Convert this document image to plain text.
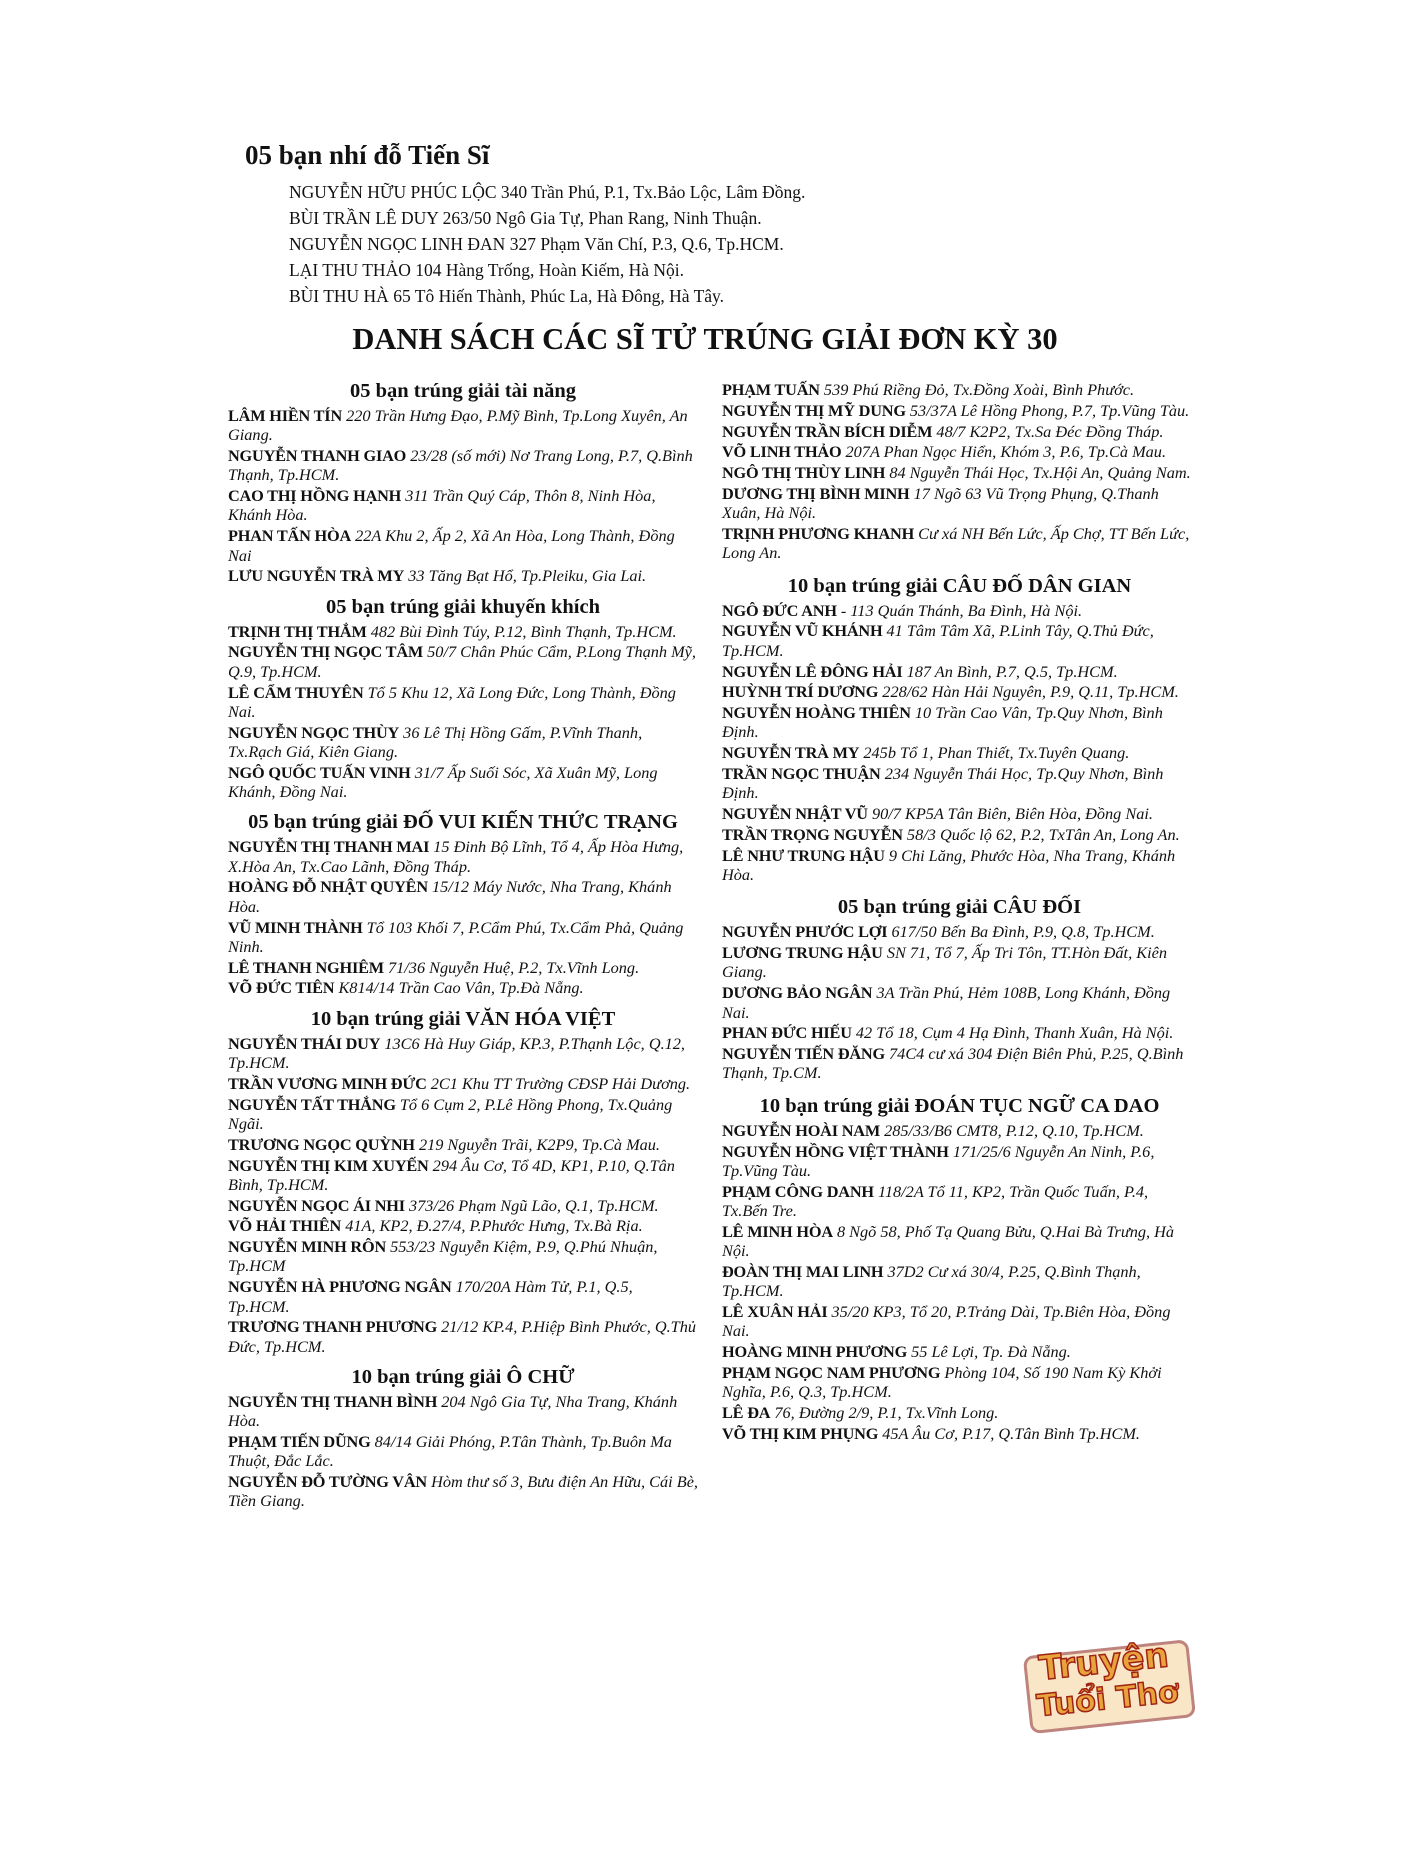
05 bạn nhí đỗ Tiến Sĩ
NGUYỄN HỮU PHÚC LỘC 340 Trần Phú, P.1, Tx.Bảo Lộc, Lâm Đồng.
BÙI TRẦN LÊ DUY 263/50 Ngô Gia Tự, Phan Rang, Ninh Thuận.
NGUYỄN NGỌC LINH ĐAN 327 Phạm Văn Chí, P.3, Q.6, Tp.HCM.
LẠI THU THẢO 104 Hàng Trống, Hoàn Kiếm, Hà Nội.
BÙI THU HÀ 65 Tô Hiến Thành, Phúc La, Hà Đông, Hà Tây.
DANH SÁCH CÁC SĨ TỬ TRÚNG GIẢI ĐƠN KỲ 30
05 bạn trúng giải tài năng
LÂM HIỀN TÍN 220 Trần Hưng Đạo, P.Mỹ Bình, Tp.Long Xuyên, An Giang.
NGUYỄN THANH GIAO 23/28 (số mới) Nơ Trang Long, P.7, Q.Bình Thạnh, Tp.HCM.
CAO THỊ HỒNG HẠNH 311 Trần Quý Cáp, Thôn 8, Ninh Hòa, Khánh Hòa.
PHAN TẤN HÒA 22A Khu 2, Ấp 2, Xã An Hòa, Long Thành, Đồng Nai
LƯU NGUYỄN TRÀ MY 33 Tăng Bạt Hổ, Tp.Pleiku, Gia Lai.
05 bạn trúng giải khuyến khích
TRỊNH THỊ THẮM 482 Bùi Đình Túy, P.12, Bình Thạnh, Tp.HCM.
NGUYỄN THỊ NGỌC TÂM 50/7 Chân Phúc Cẩm, P.Long Thạnh Mỹ, Q.9, Tp.HCM.
LÊ CẨM THUYÊN Tổ 5 Khu 12, Xã Long Đức, Long Thành, Đồng Nai.
NGUYỄN NGỌC THÙY 36 Lê Thị Hồng Gấm, P.Vĩnh Thanh, Tx.Rạch Giá, Kiên Giang.
NGÔ QUỐC TUẤN VINH 31/7 Ấp Suối Sóc, Xã Xuân Mỹ, Long Khánh, Đồng Nai.
05 bạn trúng giải ĐỐ VUI KIẾN THỨC TRẠNG
NGUYỄN THỊ THANH MAI 15 Đinh Bộ Lĩnh, Tổ 4, Ấp Hòa Hưng, X.Hòa An, Tx.Cao Lãnh, Đồng Tháp.
HOÀNG ĐỖ NHẬT QUYÊN 15/12 Máy Nước, Nha Trang, Khánh Hòa.
VŨ MINH THÀNH Tổ 103 Khối 7, P.Cẩm Phú, Tx.Cẩm Phả, Quảng Ninh.
LÊ THANH NGHIÊM 71/36 Nguyễn Huệ, P.2, Tx.Vĩnh Long.
VÕ ĐỨC TIÊN K814/14 Trần Cao Vân, Tp.Đà Nẵng.
10 bạn trúng giải VĂN HÓA VIỆT
NGUYỄN THÁI DUY 13C6 Hà Huy Giáp, KP.3, P.Thạnh Lộc, Q.12, Tp.HCM.
TRẦN VƯƠNG MINH ĐỨC 2C1 Khu TT Trường CĐSP Hải Dương.
NGUYỄN TẤT THẮNG Tổ 6 Cụm 2, P.Lê Hồng Phong, Tx.Quảng Ngãi.
TRƯƠNG NGỌC QUỲNH 219 Nguyễn Trãi, K2P9, Tp.Cà Mau.
NGUYỄN THỊ KIM XUYẾN 294 Âu Cơ, Tổ 4D, KP1, P.10, Q.Tân Bình, Tp.HCM.
NGUYỄN NGỌC ÁI NHI 373/26 Phạm Ngũ Lão, Q.1, Tp.HCM.
VÕ HẢI THIÊN 41A, KP2, Đ.27/4, P.Phước Hưng, Tx.Bà Rịa.
NGUYỄN MINH RÔN 553/23 Nguyễn Kiệm, P.9, Q.Phú Nhuận, Tp.HCM
NGUYỄN HÀ PHƯƠNG NGÂN 170/20A Hàm Tử, P.1, Q.5, Tp.HCM.
TRƯƠNG THANH PHƯƠNG 21/12 KP.4, P.Hiệp Bình Phước, Q.Thủ Đức, Tp.HCM.
10 bạn trúng giải Ô CHỮ
NGUYỄN THỊ THANH BÌNH 204 Ngô Gia Tự, Nha Trang, Khánh Hòa.
PHẠM TIẾN DŨNG 84/14 Giải Phóng, P.Tân Thành, Tp.Buôn Ma Thuột, Đắc Lắc.
NGUYỄN ĐỖ TƯỜNG VÂN Hòm thư số 3, Bưu điện An Hữu, Cái Bè, Tiền Giang.
PHẠM TUẤN 539 Phú Riềng Đỏ, Tx.Đồng Xoài, Bình Phước.
NGUYỄN THỊ MỸ DUNG 53/37A Lê Hồng Phong, P.7, Tp.Vũng Tàu.
NGUYỄN TRẦN BÍCH DIỄM 48/7 K2P2, Tx.Sa Đéc Đồng Tháp.
VÕ LINH THẢO 207A Phan Ngọc Hiển, Khóm 3, P.6, Tp.Cà Mau.
NGÔ THỊ THÙY LINH 84 Nguyễn Thái Học, Tx.Hội An, Quảng Nam.
DƯƠNG THỊ BÌNH MINH 17 Ngõ 63 Vũ Trọng Phụng, Q.Thanh Xuân, Hà Nội.
TRỊNH PHƯƠNG KHANH Cư xá NH Bến Lức, Ấp Chợ, TT Bến Lức, Long An.
10 bạn trúng giải CÂU ĐỐ DÂN GIAN
NGÔ ĐỨC ANH - 113 Quán Thánh, Ba Đình, Hà Nội.
NGUYỄN VŨ KHÁNH 41 Tâm Tâm Xã, P.Linh Tây, Q.Thủ Đức, Tp.HCM.
NGUYỄN LÊ ĐÔNG HẢI 187 An Bình, P.7, Q.5, Tp.HCM.
HUỲNH TRÍ DƯƠNG 228/62 Hàn Hải Nguyên, P.9, Q.11, Tp.HCM.
NGUYỄN HOÀNG THIÊN 10 Trần Cao Vân, Tp.Quy Nhơn, Bình Định.
NGUYỄN TRÀ MY 245b Tổ 1, Phan Thiết, Tx.Tuyên Quang.
TRẦN NGỌC THUẬN 234 Nguyễn Thái Học, Tp.Quy Nhơn, Bình Định.
NGUYỄN NHẬT VŨ 90/7 KP5A Tân Biên, Biên Hòa, Đồng Nai.
TRẦN TRỌNG NGUYỄN 58/3 Quốc lộ 62, P.2, TxTân An, Long An.
LÊ NHƯ TRUNG HẬU 9 Chi Lăng, Phước Hòa, Nha Trang, Khánh Hòa.
05 bạn trúng giải CÂU ĐỐI
NGUYỄN PHƯỚC LỢI 617/50 Bến Ba Đình, P.9, Q.8, Tp.HCM.
LƯƠNG TRUNG HẬU SN 71, Tổ 7, Ấp Tri Tôn, TT.Hòn Đất, Kiên Giang.
DƯƠNG BẢO NGÂN 3A Trần Phú, Hẻm 108B, Long Khánh, Đồng Nai.
PHAN ĐỨC HIẾU 42 Tổ 18, Cụm 4 Hạ Đình, Thanh Xuân, Hà Nội.
NGUYỄN TIẾN ĐĂNG 74C4 cư xá 304 Điện Biên Phủ, P.25, Q.Bình Thạnh, Tp.CM.
10 bạn trúng giải ĐOÁN TỤC NGỮ CA DAO
NGUYỄN HOÀI NAM 285/33/B6 CMT8, P.12, Q.10, Tp.HCM.
NGUYỄN HỒNG VIỆT THÀNH 171/25/6 Nguyễn An Ninh, P.6, Tp.Vũng Tàu.
PHẠM CÔNG DANH 118/2A Tổ 11, KP2, Trần Quốc Tuấn, P.4, Tx.Bến Tre.
LÊ MINH HÒA 8 Ngõ 58, Phố Tạ Quang Bửu, Q.Hai Bà Trưng, Hà Nội.
ĐOÀN THỊ MAI LINH 37D2 Cư xá 30/4, P.25, Q.Bình Thạnh, Tp.HCM.
LÊ XUÂN HẢI 35/20 KP3, Tổ 20, P.Trảng Dài, Tp.Biên Hòa, Đồng Nai.
HOÀNG MINH PHƯƠNG 55 Lê Lợi, Tp. Đà Nẵng.
PHẠM NGỌC NAM PHƯƠNG Phòng 104, Số 190 Nam Kỳ Khởi Nghĩa, P.6, Q.3, Tp.HCM.
LÊ ĐA 76, Đường 2/9, P.1, Tx.Vĩnh Long.
VÕ THỊ KIM PHỤNG 45A Âu Cơ, P.17, Q.Tân Bình Tp.HCM.
Truyện
Tuổi Thơ
